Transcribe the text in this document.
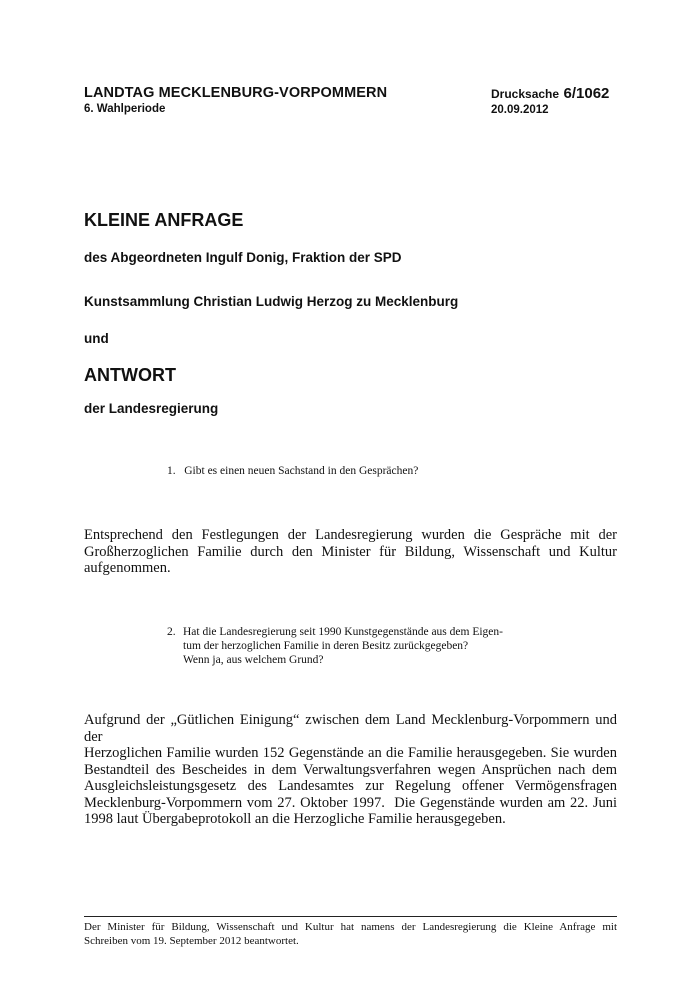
LANDTAG MECKLENBURG-VORPOMMERN
6. Wahlperiode
Drucksache 6/1062
20.09.2012
KLEINE ANFRAGE
des Abgeordneten Ingulf Donig, Fraktion der SPD
Kunstsammlung Christian Ludwig Herzog zu Mecklenburg
und
ANTWORT
der Landesregierung
1. Gibt es einen neuen Sachstand in den Gesprächen?
Entsprechend den Festlegungen der Landesregierung wurden die Gespräche mit der
Großherzoglichen Familie durch den Minister für Bildung, Wissenschaft und Kultur
aufgenommen.
2. Hat die Landesregierung seit 1990 Kunstgegenstände aus dem Eigen-
tum der herzoglichen Familie in deren Besitz zurückgegeben?
Wenn ja, aus welchem Grund?
Aufgrund der „Gütlichen Einigung“ zwischen dem Land Mecklenburg-Vorpommern und der
Herzoglichen Familie wurden 152 Gegenstände an die Familie herausgegeben. Sie wurden
Bestandteil des Bescheides in dem Verwaltungsverfahren wegen Ansprüchen nach dem
Ausgleichsleistungsgesetz des Landesamtes zur Regelung offener Vermögensfragen
Mecklenburg-Vorpommern vom 27. Oktober 1997.  Die Gegenstände wurden am 22. Juni
1998 laut Übergabeprotokoll an die Herzogliche Familie herausgegeben.
Der Minister für Bildung, Wissenschaft und Kultur hat namens der Landesregierung die Kleine Anfrage mit
Schreiben vom 19. September 2012 beantwortet.
